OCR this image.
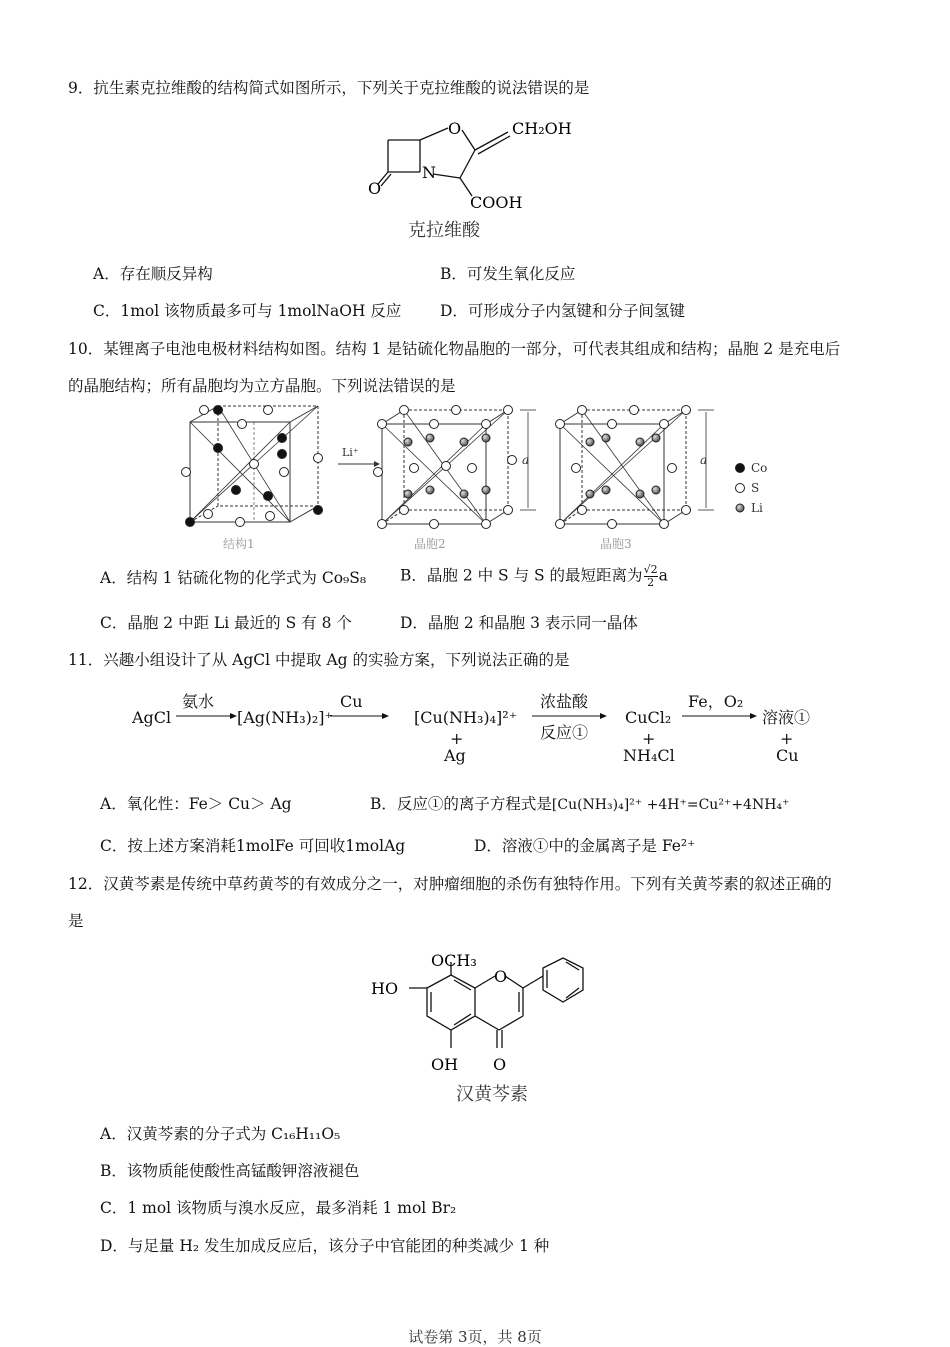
9．抗生素克拉维酸的结构简式如图所示，下列关于克拉维酸的说法错误的是
O
N
O
CH₂OH
COOH
克拉维酸
A．存在顺反异构	B．可发生氧化反应
C．1mol 该物质最多可与 1molNaOH 反应 D．可形成分子内氢键和分子间氢键
10．某锂离子电池电极材料结构如图。结构 1 是钴硫化物晶胞的一部分，可代表其组成和结构；晶胞 2 是充电后
的晶胞结构；所有晶胞均为立方晶胞。下列说法错误的是
Li⁺
a	a
Co
S
Li
结构1	晶胞2	晶胞3
A．结构 1 钴硫化物的化学式为 Co₉S₈ B．晶胞 2 中 S 与 S 的最短距离为 $\frac{√2}{2}$ a
C．晶胞 2 中距 Li 最近的 S 有 8 个	D．晶胞 2 和晶胞 3 表示同一晶体
11．兴趣小组设计了从 AgCl 中提取 Ag 的实验方案，下列说法正确的是
AgCl
氨水
[Ag(NH₃)₂]⁺
Cu
[Cu(NH₃)₄]²⁺
+
Ag
浓盐酸
反应①
CuCl₂
+
NH₄Cl
Fe，O₂
溶液①
+
Cu
A．氧化性：Fe＞ Cu＞ Ag	B．反应①的离子方程式是[Cu(NH₃)₄]²⁺ +4H⁺=Cu²⁺+4NH₄⁺
C．按上述方案消耗1molFe 可回收1molAg	D．溶液①中的金属离子是 Fe²⁺
12．汉黄芩素是传统中草药黄芩的有效成分之一，对肿瘤细胞的杀伤有独特作用。下列有关黄芩素的叙述正确的
是
OCH₃
HO
O
OH O
汉黄芩素
A．汉黄芩素的分子式为 C₁₆H₁₁O₅
B．该物质能使酸性高锰酸钾溶液褪色
C．1 mol 该物质与溴水反应，最多消耗 1 mol Br₂
D．与足量 H₂ 发生加成反应后，该分子中官能团的种类减少 1 种
试卷第 3页，共 8页
